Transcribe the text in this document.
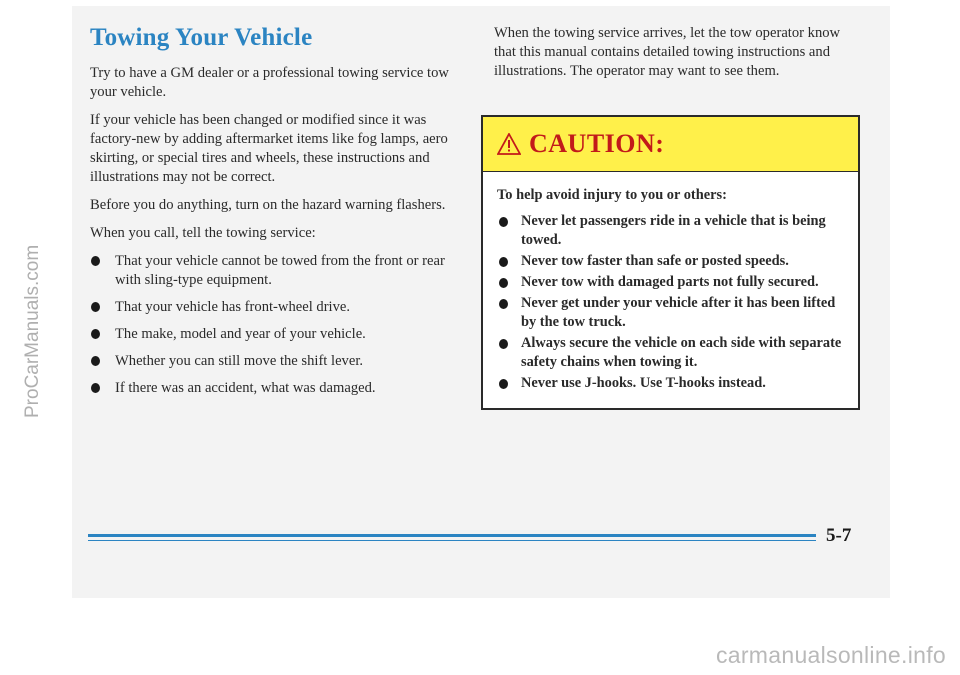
Towing Your Vehicle

Try to have a GM dealer or a professional towing service tow your vehicle.

If your vehicle has been changed or modified since it was factory-new by adding aftermarket items like fog lamps, aero skirting, or special tires and wheels, these instructions and illustrations may not be correct.

Before you do anything, turn on the hazard warning flashers.

When you call, tell the towing service:

That your vehicle cannot be towed from the front or rear with sling-type equipment.
That your vehicle has front-wheel drive.
The make, model and year of your vehicle.
Whether you can still move the shift lever.
If there was an accident, what was damaged.

When the towing service arrives, let the tow operator know that this manual contains detailed towing instructions and illustrations. The operator may want to see them.

CAUTION:

To help avoid injury to you or others:

Never let passengers ride in a vehicle that is being towed.
Never tow faster than safe or posted speeds.
Never tow with damaged parts not fully secured.
Never get under your vehicle after it has been lifted by the tow truck.
Always secure the vehicle on each side with separate safety chains when towing it.
Never use J-hooks. Use T-hooks instead.
5-7
ProCarManuals.com
carmanualsonline.info
